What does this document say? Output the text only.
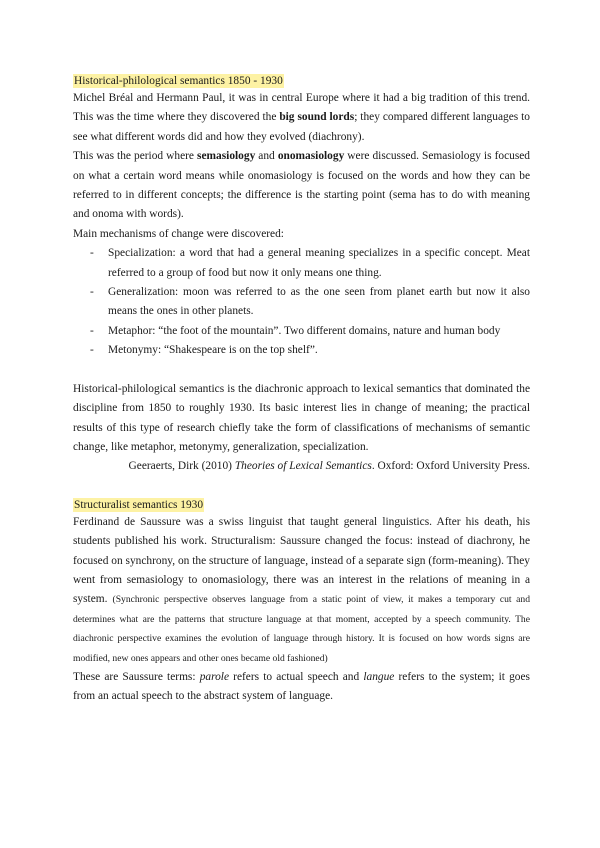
Historical-philological semantics 1850 - 1930

Michel Bréal and Hermann Paul, it was in central Europe where it had a big tradition of this trend. This was the time where they discovered the big sound lords; they compared different languages to see what different words did and how they evolved (diachrony).

This was the period where semasiology and onomasiology were discussed. Semasiology is focused on what a certain word means while onomasiology is focused on the words and how they can be referred to in different concepts; the difference is the starting point (sema has to do with meaning and onoma with words).

Main mechanisms of change were discovered:

- Specialization: a word that had a general meaning specializes in a specific concept. Meat referred to a group of food but now it only means one thing.
- Generalization: moon was referred to as the one seen from planet earth but now it also means the ones in other planets.
- Metaphor: “the foot of the mountain”. Two different domains, nature and human body
- Metonymy: “Shakespeare is on the top shelf”.

Historical-philological semantics is the diachronic approach to lexical semantics that dominated the discipline from 1850 to roughly 1930. Its basic interest lies in change of meaning; the practical results of this type of research chiefly take the form of classifications of mechanisms of semantic change, like metaphor, metonymy, generalization, specialization.

Geeraerts, Dirk (2010) Theories of Lexical Semantics. Oxford: Oxford University Press.

Structuralist semantics 1930

Ferdinand de Saussure was a swiss linguist that taught general linguistics. After his death, his students published his work. Structuralism: Saussure changed the focus: instead of diachrony, he focused on synchrony, on the structure of language, instead of a separate sign (form-meaning). They went from semasiology to onomasiology, there was an interest in the relations of meaning in a system. (Synchronic perspective observes language from a static point of view, it makes a temporary cut and determines what are the patterns that structure language at that moment, accepted by a speech community. The diachronic perspective examines the evolution of language through history. It is focused on how words signs are modified, new ones appears and other ones became old fashioned)

These are Saussure terms: parole refers to actual speech and langue refers to the system; it goes from an actual speech to the abstract system of language.
